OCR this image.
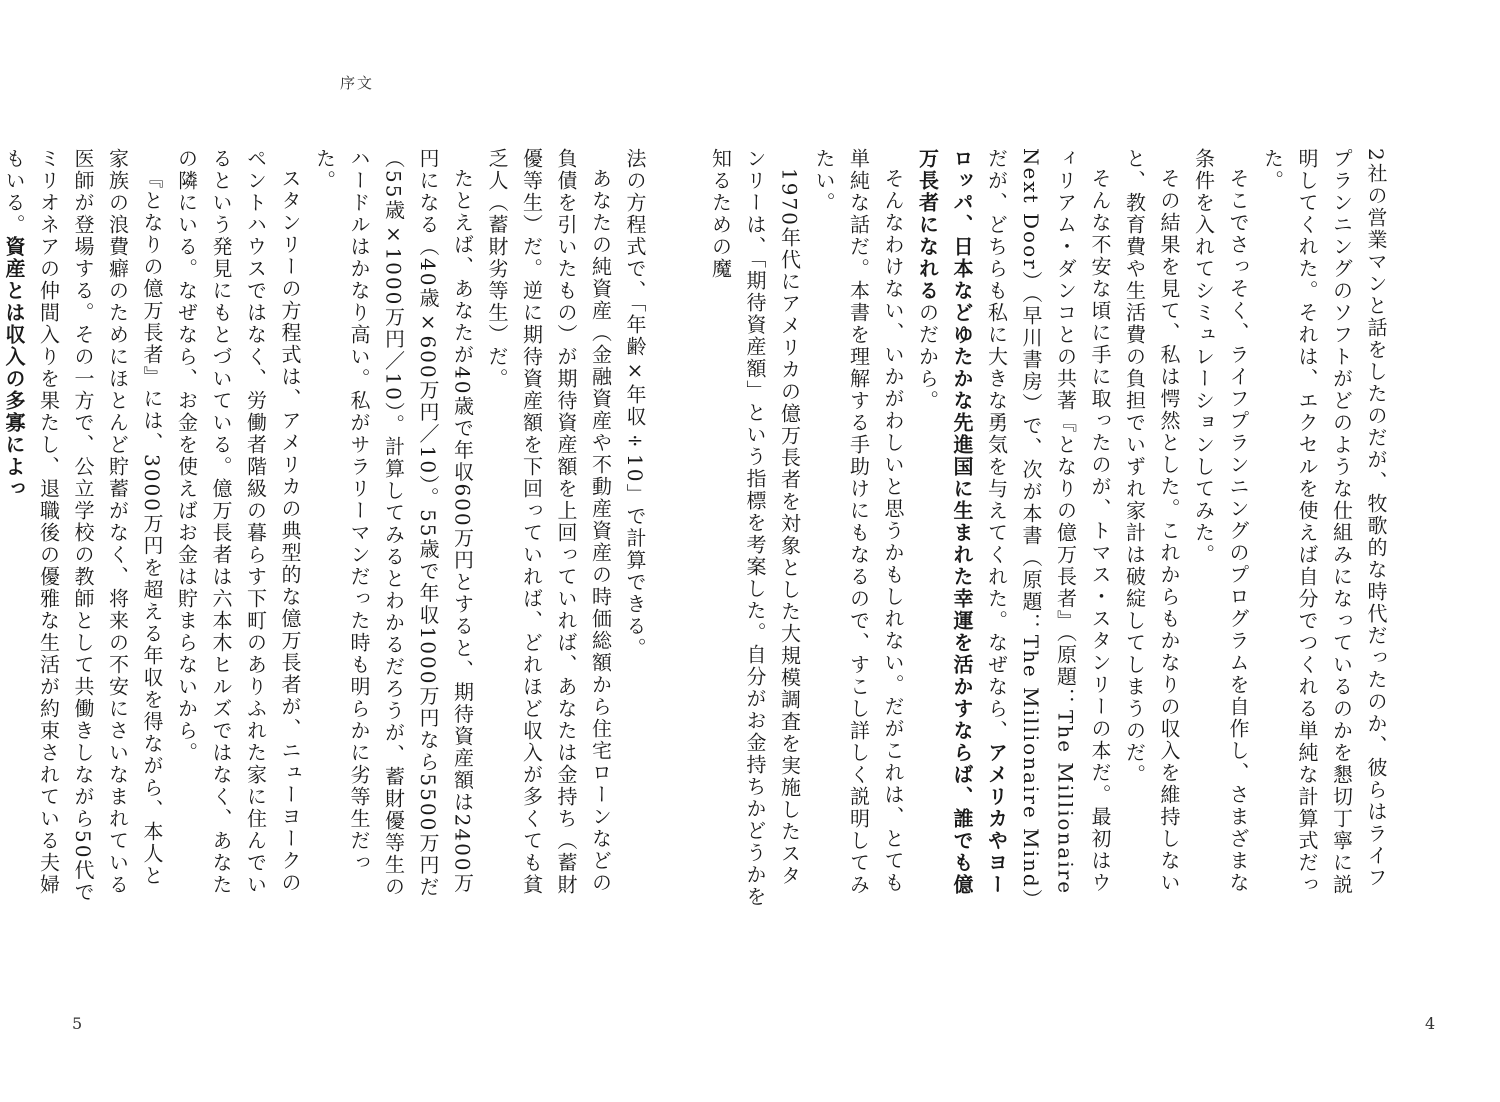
序文

法の方程式で、「年齢×年収÷10」で計算できる。

あなたの純資産（金融資産や不動産資産の時価総額から住宅ローンなどの負債を引いたもの）が期待資産額を上回っていれば、あなたは金持ち（蓄財優等生）だ。逆に期待資産額を下回っていれば、どれほど収入が多くても貧乏人（蓄財劣等生）だ。

たとえば、あなたが40歳で年収600万円とすると、期待資産額は2400万円になる（40歳×600万円／10）。55歳で年収1000万円なら5500万円だ（55歳×1000万円／10）。計算してみるとわかるだろうが、蓄財優等生のハードルはかなり高い。私がサラリーマンだった時も明らかに劣等生だった。

スタンリーの方程式は、アメリカの典型的な億万長者が、ニューヨークのペントハウスではなく、労働者階級の暮らす下町のありふれた家に住んでいるという発見にもとづいている。億万長者は六本木ヒルズではなく、あなたの隣にいる。なぜなら、お金を使えばお金は貯まらないから。

『となりの億万長者』には、3000万円を超える年収を得ながら、本人と家族の浪費癖のためにほとんど貯蓄がなく、将来の不安にさいなまれている医師が登場する。その一方で、公立学校の教師として共働きしながら50代でミリオネアの仲間入りを果たし、退職後の優雅な生活が約束されている夫婦もいる。資産とは収入の多寡によっ

5

2社の営業マンと話をしたのだが、牧歌的な時代だったのか、彼らはライフプランニングのソフトがどのような仕組みになっているのかを懇切丁寧に説明してくれた。それは、エクセルを使えば自分でつくれる単純な計算式だった。

そこでさっそく、ライフプランニングのプログラムを自作し、さまざまな条件を入れてシミュレーションしてみた。

その結果を見て、私は愕然とした。これからもかなりの収入を維持しないと、教育費や生活費の負担でいずれ家計は破綻してしまうのだ。

そんな不安な頃に手に取ったのが、トマス・スタンリーの本だ。最初はウィリアム・ダンコとの共著『となりの億万長者』（原題：The Millionaire Next Door）（早川書房）で、次が本書（原題：The Millionaire Mind）だが、どちらも私に大きな勇気を与えてくれた。なぜなら、アメリカやヨーロッパ、日本などゆたかな先進国に生まれた幸運を活かすならば、誰でも億万長者になれるのだから。

そんなわけない、いかがわしいと思うかもしれない。だがこれは、とても単純な話だ。本書を理解する手助けにもなるので、すこし詳しく説明してみたい。

1970年代にアメリカの億万長者を対象とした大規模調査を実施したスタンリーは、「期待資産額」という指標を考案した。自分がお金持ちかどうかを知るための魔

4
